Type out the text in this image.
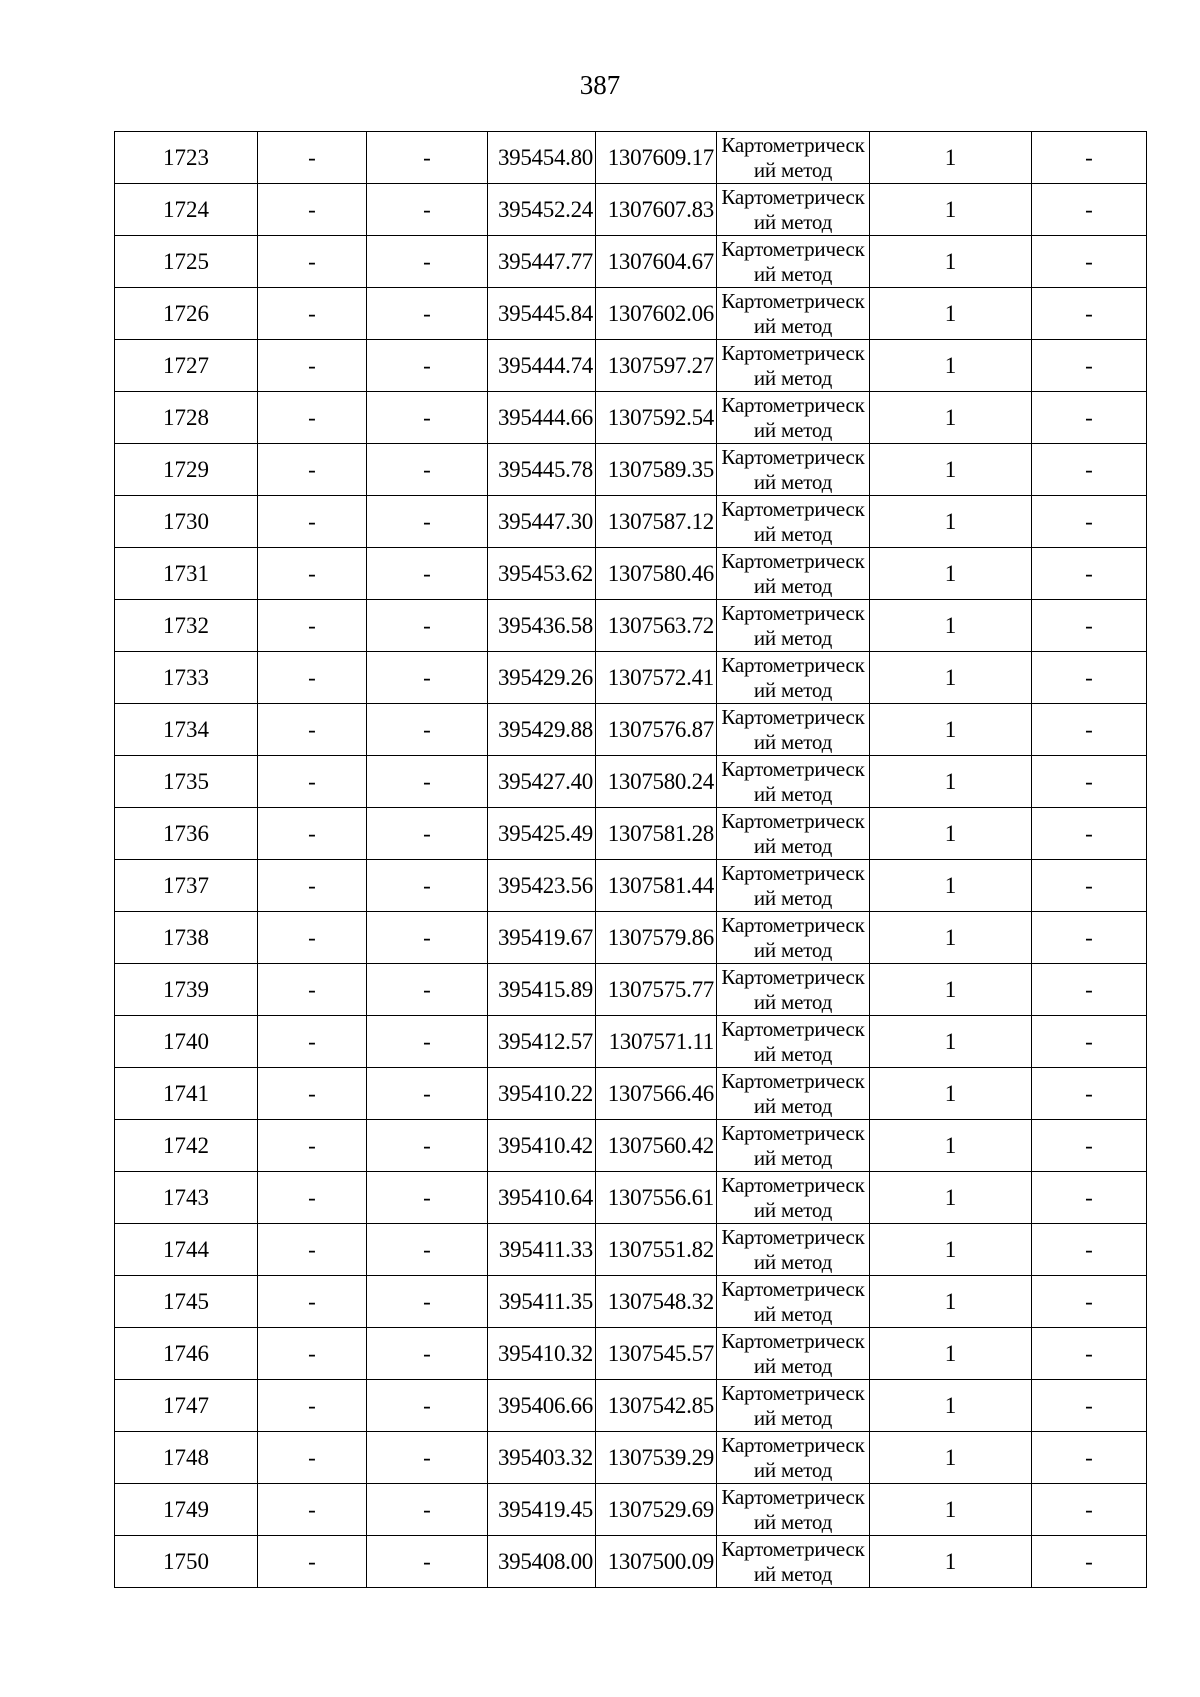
387
1723	-	-	395454.80	1307609.17	Картометрический метод	1	-
1724	-	-	395452.24	1307607.83	Картометрический метод	1	-
1725	-	-	395447.77	1307604.67	Картометрический метод	1	-
1726	-	-	395445.84	1307602.06	Картометрический метод	1	-
1727	-	-	395444.74	1307597.27	Картометрический метод	1	-
1728	-	-	395444.66	1307592.54	Картометрический метод	1	-
1729	-	-	395445.78	1307589.35	Картометрический метод	1	-
1730	-	-	395447.30	1307587.12	Картометрический метод	1	-
1731	-	-	395453.62	1307580.46	Картометрический метод	1	-
1732	-	-	395436.58	1307563.72	Картометрический метод	1	-
1733	-	-	395429.26	1307572.41	Картометрический метод	1	-
1734	-	-	395429.88	1307576.87	Картометрический метод	1	-
1735	-	-	395427.40	1307580.24	Картометрический метод	1	-
1736	-	-	395425.49	1307581.28	Картометрический метод	1	-
1737	-	-	395423.56	1307581.44	Картометрический метод	1	-
1738	-	-	395419.67	1307579.86	Картометрический метод	1	-
1739	-	-	395415.89	1307575.77	Картометрический метод	1	-
1740	-	-	395412.57	1307571.11	Картометрический метод	1	-
1741	-	-	395410.22	1307566.46	Картометрический метод	1	-
1742	-	-	395410.42	1307560.42	Картометрический метод	1	-
1743	-	-	395410.64	1307556.61	Картометрический метод	1	-
1744	-	-	395411.33	1307551.82	Картометрический метод	1	-
1745	-	-	395411.35	1307548.32	Картометрический метод	1	-
1746	-	-	395410.32	1307545.57	Картометрический метод	1	-
1747	-	-	395406.66	1307542.85	Картометрический метод	1	-
1748	-	-	395403.32	1307539.29	Картометрический метод	1	-
1749	-	-	395419.45	1307529.69	Картометрический метод	1	-
1750	-	-	395408.00	1307500.09	Картометрический метод	1	-
